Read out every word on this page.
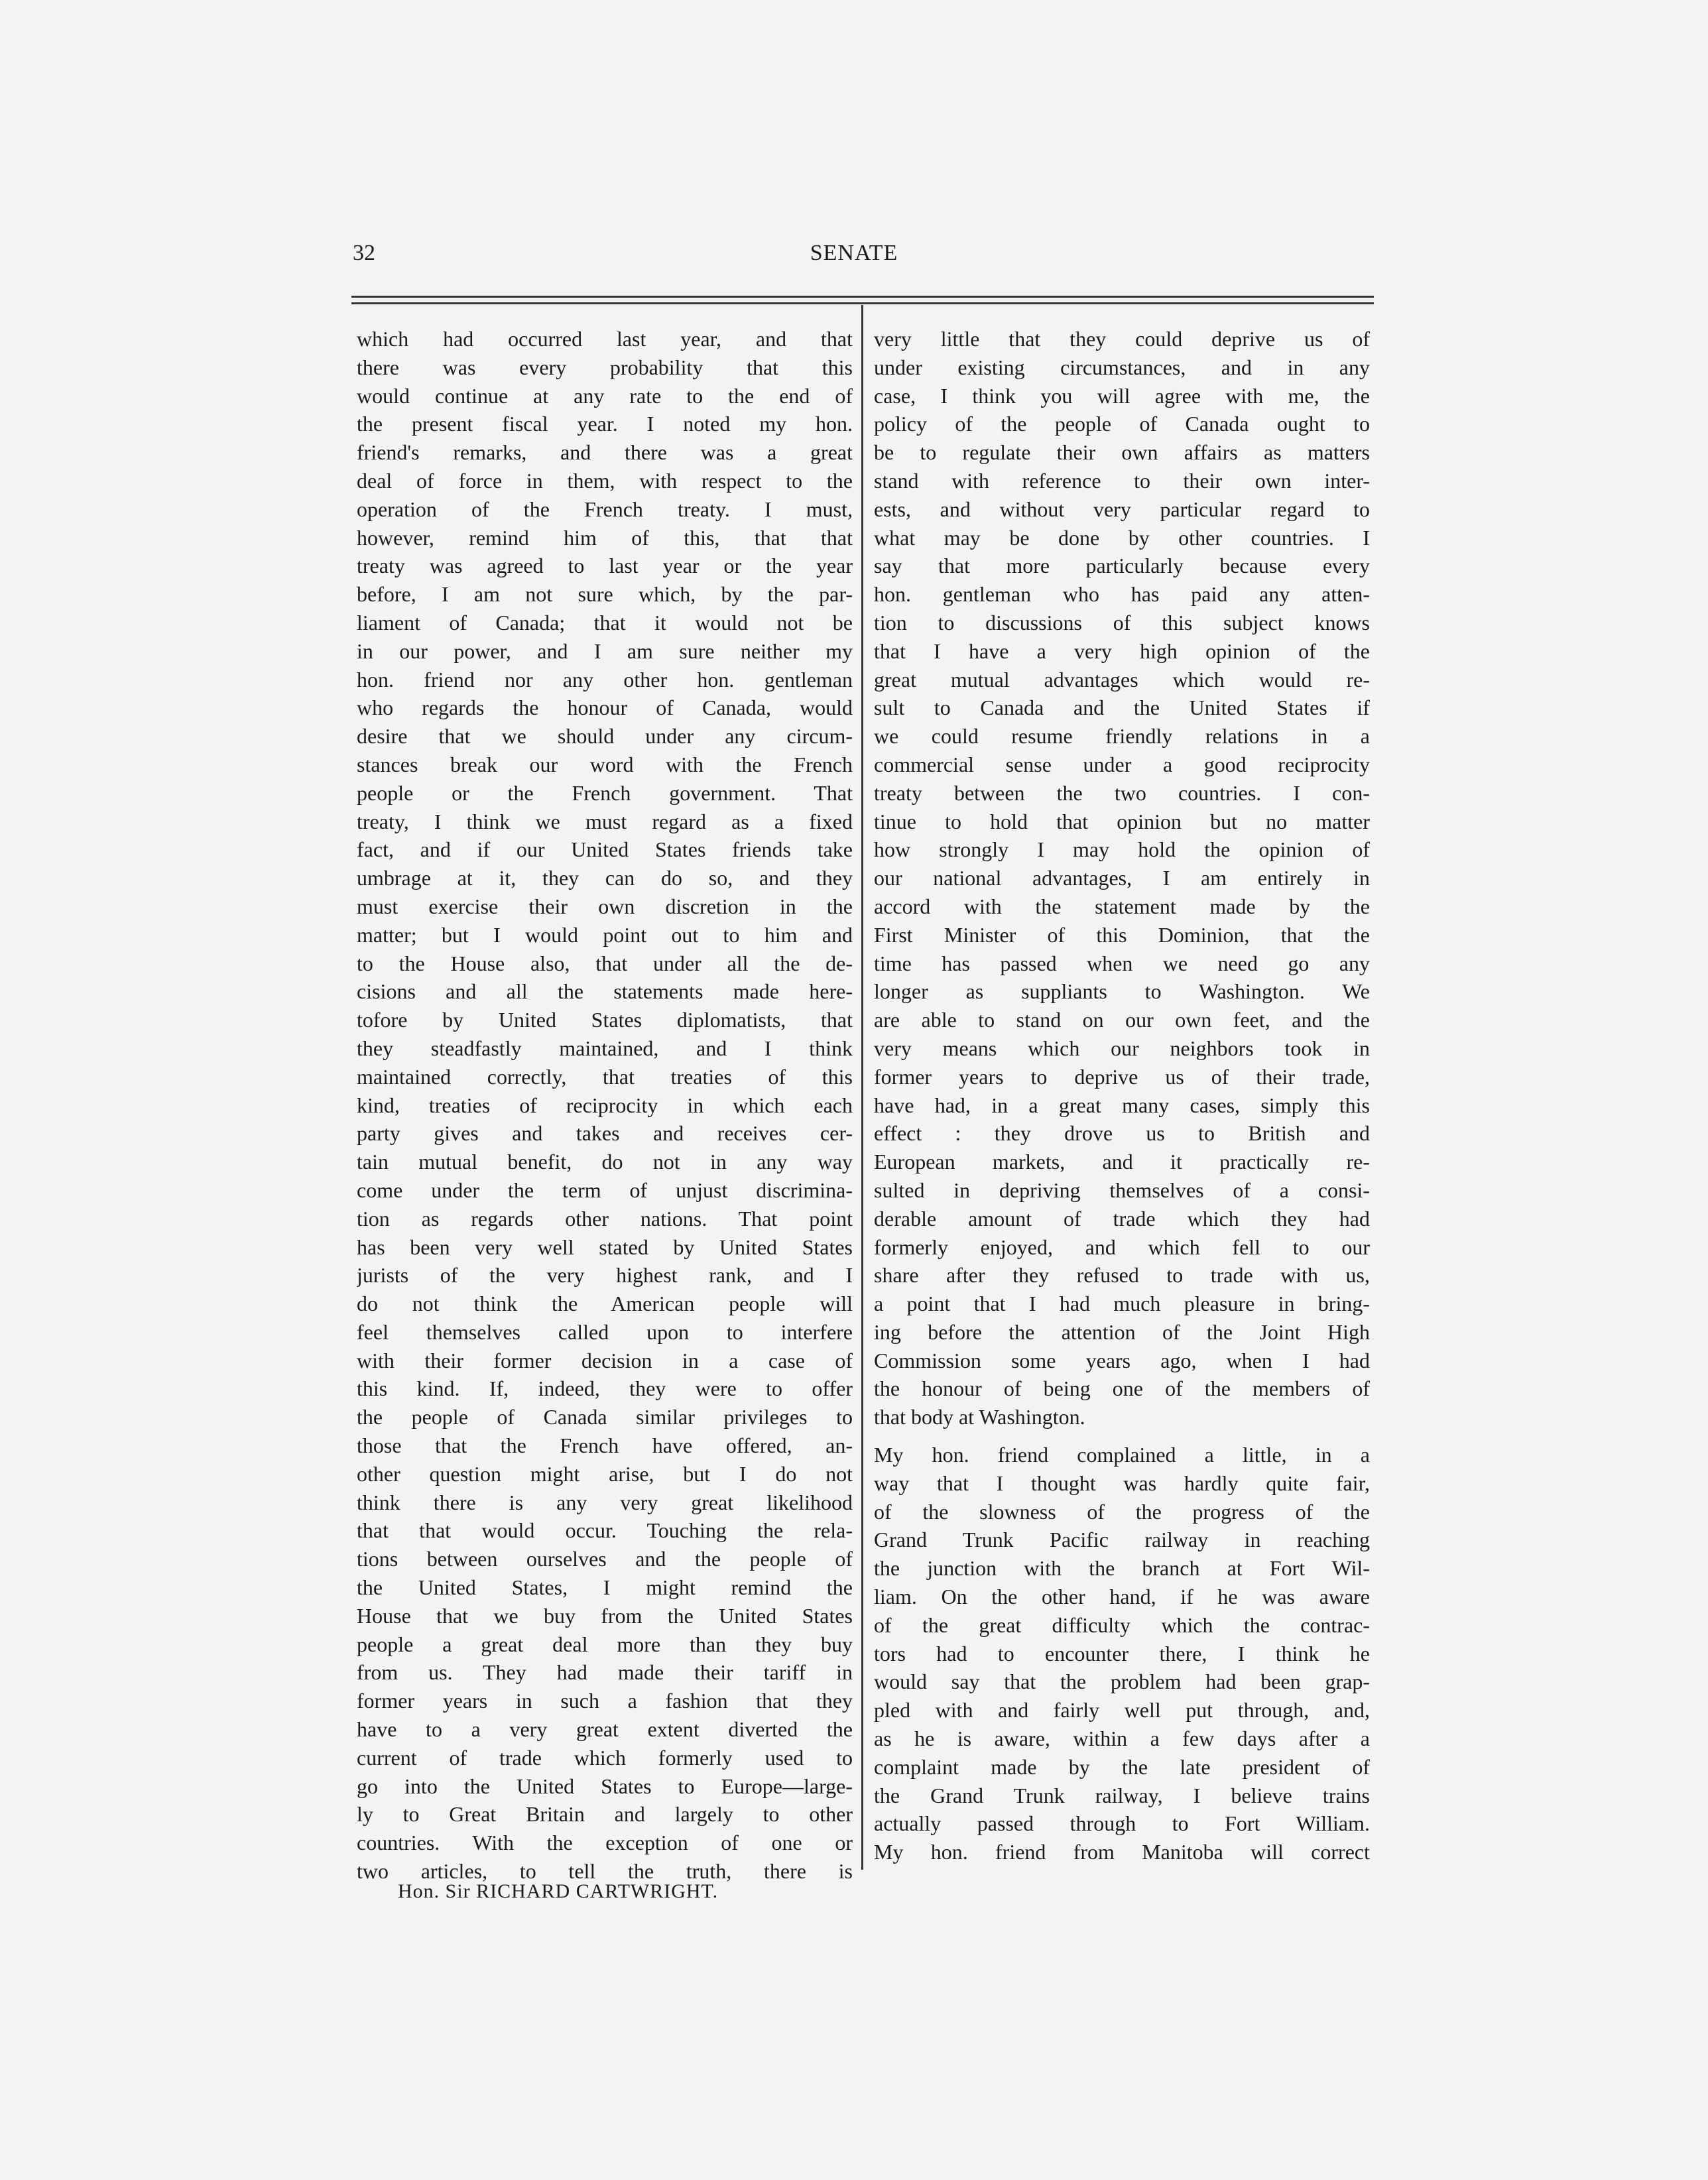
32	SENATE
which had occurred last year, and that
there was every probability that this
would continue at any rate to the end of
the present fiscal year. I noted my hon.
friend's remarks, and there was a great
deal of force in them, with respect to the
operation of the French treaty. I must,
however, remind him of this, that that
treaty was agreed to last year or the year
before, I am not sure which, by the par-
liament of Canada; that it would not be
in our power, and I am sure neither my
hon. friend nor any other hon. gentleman
who regards the honour of Canada, would
desire that we should under any circum-
stances break our word with the French
people or the French government. That
treaty, I think we must regard as a fixed
fact, and if our United States friends take
umbrage at it, they can do so, and they
must exercise their own discretion in the
matter; but I would point out to him and
to the House also, that under all the de-
cisions and all the statements made here-
tofore by United States diplomatists, that
they steadfastly maintained, and I think
maintained correctly, that treaties of this
kind, treaties of reciprocity in which each
party gives and takes and receives cer-
tain mutual benefit, do not in any way
come under the term of unjust discrimina-
tion as regards other nations. That point
has been very well stated by United States
jurists of the very highest rank, and I
do not think the American people will
feel themselves called upon to interfere
with their former decision in a case of
this kind. If, indeed, they were to offer
the people of Canada similar privileges to
those that the French have offered, an-
other question might arise, but I do not
think there is any very great likelihood
that that would occur. Touching the rela-
tions between ourselves and the people of
the United States, I might remind the
House that we buy from the United States
people a great deal more than they buy
from us. They had made their tariff in
former years in such a fashion that they
have to a very great extent diverted the
current of trade which formerly used to
go into the United States to Europe—large-
ly to Great Britain and largely to other
countries. With the exception of one or
two articles, to tell the truth, there is
very little that they could deprive us of
under existing circumstances, and in any
case, I think you will agree with me, the
policy of the people of Canada ought to
be to regulate their own affairs as matters
stand with reference to their own inter-
ests, and without very particular regard to
what may be done by other countries. I
say that more particularly because every
hon. gentleman who has paid any atten-
tion to discussions of this subject knows
that I have a very high opinion of the
great mutual advantages which would re-
sult to Canada and the United States if
we could resume friendly relations in a
commercial sense under a good reciprocity
treaty between the two countries. I con-
tinue to hold that opinion but no matter
how strongly I may hold the opinion of
our national advantages, I am entirely in
accord with the statement made by the
First Minister of this Dominion, that the
time has passed when we need go any
longer as suppliants to Washington. We
are able to stand on our own feet, and the
very means which our neighbors took in
former years to deprive us of their trade,
have had, in a great many cases, simply this
effect : they drove us to British and
European markets, and it practically re-
sulted in depriving themselves of a consi-
derable amount of trade which they had
formerly enjoyed, and which fell to our
share after they refused to trade with us,
a point that I had much pleasure in bring-
ing before the attention of the Joint High
Commission some years ago, when I had
the honour of being one of the members of
that body at Washington.
My hon. friend complained a little, in a
way that I thought was hardly quite fair,
of the slowness of the progress of the
Grand Trunk Pacific railway in reaching
the junction with the branch at Fort Wil-
liam. On the other hand, if he was aware
of the great difficulty which the contrac-
tors had to encounter there, I think he
would say that the problem had been grap-
pled with and fairly well put through, and,
as he is aware, within a few days after a
complaint made by the late president of
the Grand Trunk railway, I believe trains
actually passed through to Fort William.
My hon. friend from Manitoba will correct
Hon. Sir RICHARD CARTWRIGHT.
